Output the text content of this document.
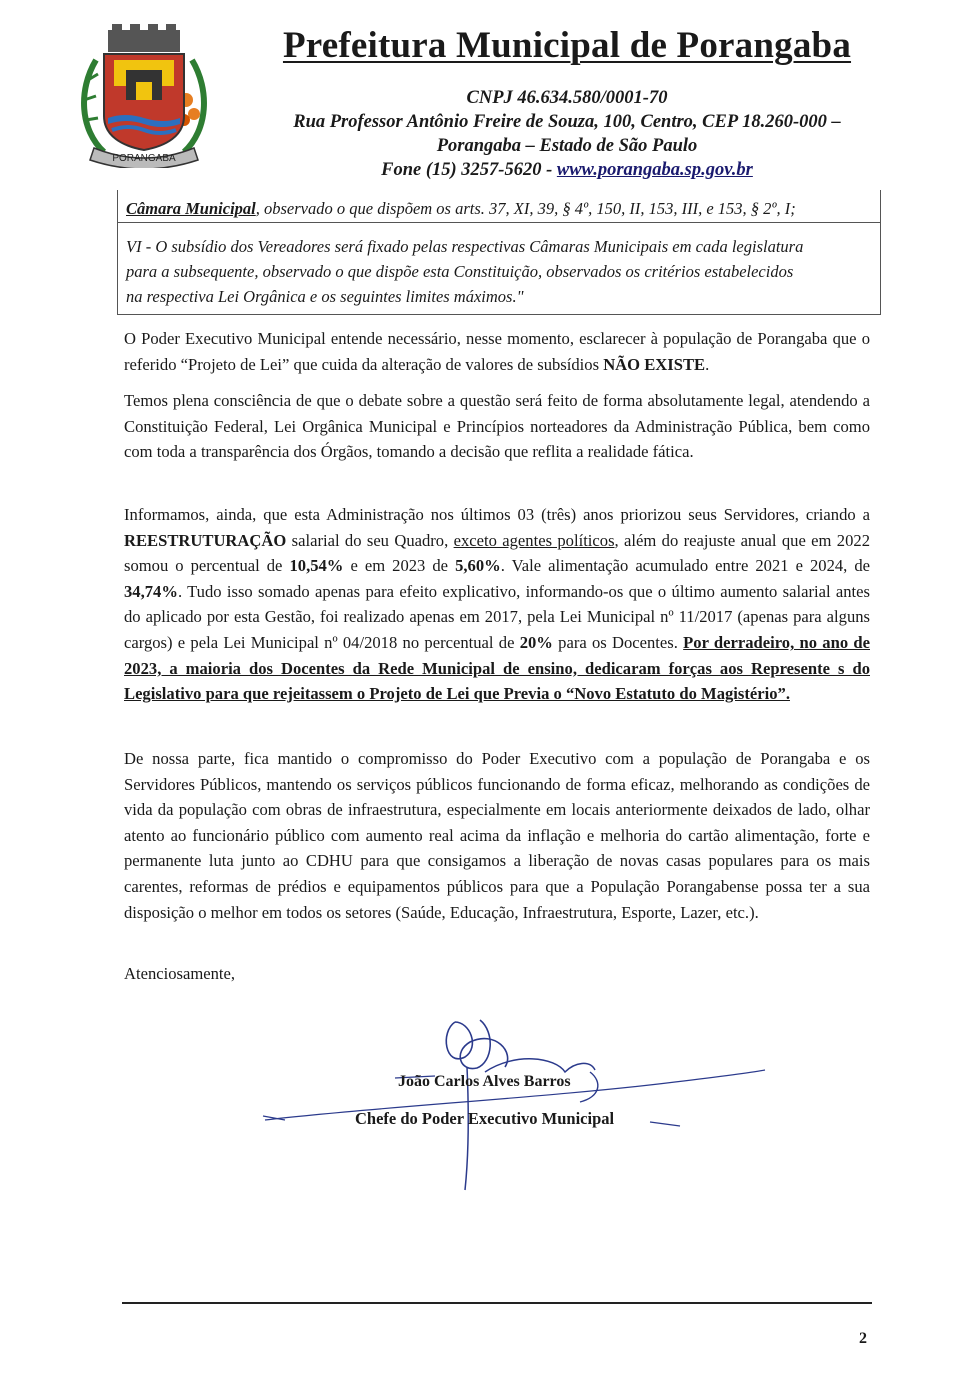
PORANGABA
Prefeitura Municipal de Porangaba
CNPJ 46.634.580/0001-70
Rua Professor Antônio Freire de Souza, 100, Centro, CEP 18.260-000 –
Porangaba – Estado de São Paulo
Fone (15) 3257-5620 - www.porangaba.sp.gov.br
Câmara Municipal, observado o que dispõem os arts. 37, XI, 39, § 4º, 150, II, 153, III, e 153, § 2º, I;
VI - O subsídio dos Vereadores será fixado pelas respectivas Câmaras Municipais em cada legislatura
para a subsequente, observado o que dispõe esta Constituição, observados os critérios estabelecidos
na respectiva Lei Orgânica e os seguintes limites máximos."
O Poder Executivo Municipal entende necessário, nesse momento, esclarecer à população de Porangaba que o referido “Projeto de Lei” que cuida da alteração de valores de subsídios NÃO EXISTE.
Temos plena consciência de que o debate sobre a questão será feito de forma absolutamente legal, atendendo a Constituição Federal, Lei Orgânica Municipal e Princípios norteadores da Administração Pública, bem como com toda a transparência dos Órgãos, tomando a decisão que reflita a realidade fática.
Informamos, ainda, que esta Administração nos últimos 03 (três) anos priorizou seus Servidores, criando a REESTRUTURAÇÃO salarial do seu Quadro, exceto agentes políticos, além do reajuste anual que em 2022 somou o percentual de 10,54% e em 2023 de 5,60%. Vale alimentação acumulado entre 2021 e 2024, de 34,74%. Tudo isso somado apenas para efeito explicativo, informando-os que o último aumento salarial antes do aplicado por esta Gestão, foi realizado apenas em 2017, pela Lei Municipal nº 11/2017 (apenas para alguns cargos) e pela Lei Municipal nº 04/2018 no percentual de 20% para os Docentes. Por derradeiro, no ano de 2023, a maioria dos Docentes da Rede Municipal de ensino, dedicaram forças aos Represente s do Legislativo para que rejeitassem o Projeto de Lei que Previa o “Novo Estatuto do Magistério”.
De nossa parte, fica mantido o compromisso do Poder Executivo com a população de Porangaba e os Servidores Públicos, mantendo os serviços públicos funcionando de forma eficaz, melhorando as condições de vida da população com obras de infraestrutura, especialmente em locais anteriormente deixados de lado, olhar atento ao funcionário público com aumento real acima da inflação e melhoria do cartão alimentação, forte e permanente luta junto ao CDHU para que consigamos a liberação de novas casas populares para os mais carentes, reformas de prédios e equipamentos públicos para que a População Porangabense possa ter a sua disposição o melhor em todos os setores (Saúde, Educação, Infraestrutura, Esporte, Lazer, etc.).
Atenciosamente,
João Carlos Alves Barros
Chefe do Poder Executivo Municipal
2
